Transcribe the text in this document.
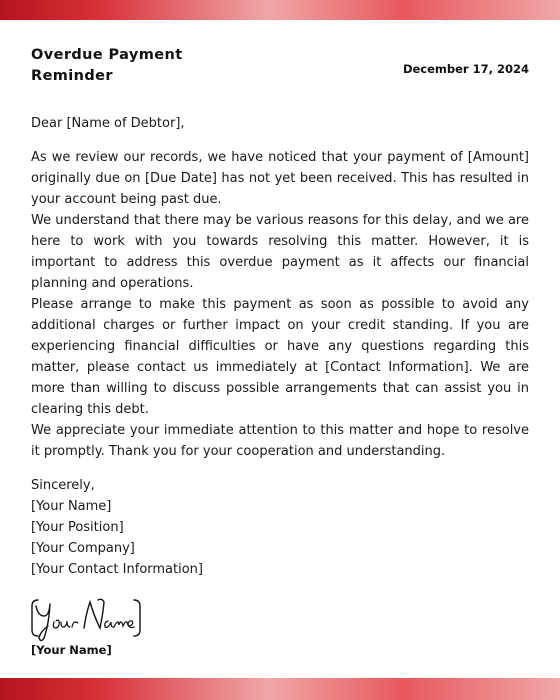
Overdue Payment Reminder	December 17, 2024
Dear [Name of Debtor],

As we review our records, we have noticed that your payment of [Amount] originally due on [Due Date] has not yet been received. This has resulted in your account being past due.

We understand that there may be various reasons for this delay, and we are here to work with you towards resolving this matter. However, it is important to address this overdue payment as it affects our financial planning and operations.

Please arrange to make this payment as soon as possible to avoid any additional charges or further impact on your credit standing. If you are experiencing financial difficulties or have any questions regarding this matter, please contact us immediately at [Contact Information]. We are more than willing to discuss possible arrangements that can assist you in clearing this debt.

We appreciate your immediate attention to this matter and hope to resolve it promptly. Thank you for your cooperation and understanding.

Sincerely,
[Your Name]
[Your Position]
[Your Company]
[Your Contact Information]
[Your Name]
